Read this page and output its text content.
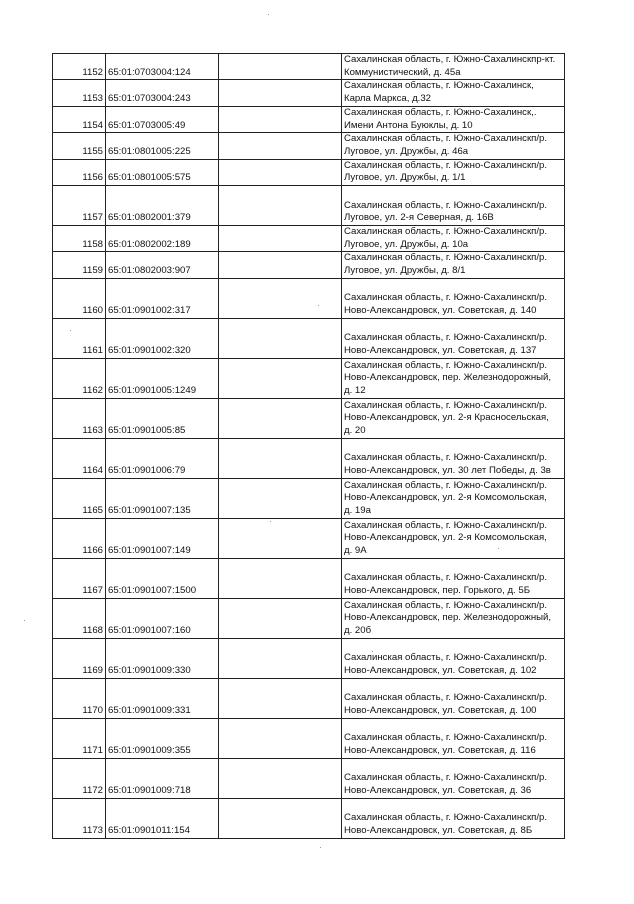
1152	65:01:0703004:124		Сахалинская область, г. Южно-Сахалинскпр-кт.
Коммунистический, д. 45а

1153	65:01:0703004:243		Сахалинская область, г. Южно-Сахалинск,
Карла Маркса, д.32

1154	65:01:0703005:49		Сахалинская область, г. Южно-Сахалинск,.
Имени Антона Буюклы, д. 10

1155	65:01:0801005:225		Сахалинская область, г. Южно-Сахалинскп/р.
Луговое, ул. Дружбы, д. 46а

1156	65:01:0801005:575		Сахалинская область, г. Южно-Сахалинскп/р.
Луговое, ул. Дружбы, д. 1/1

1157	65:01:0802001:379		Сахалинская область, г. Южно-Сахалинскп/р.
Луговое, ул. 2-я Северная, д. 16В

1158	65:01:0802002:189		Сахалинская область, г. Южно-Сахалинскп/р.
Луговое, ул. Дружбы, д. 10а

1159	65:01:0802003:907		Сахалинская область, г. Южно-Сахалинскп/р.
Луговое, ул. Дружбы, д. 8/1

1160	65:01:0901002:317		Сахалинская область, г. Южно-Сахалинскп/р.
Ново-Александровск, ул. Советская, д. 140

1161	65:01:0901002:320		Сахалинская область, г. Южно-Сахалинскп/р.
Ново-Александровск, ул. Советская, д. 137

1162	65:01:0901005:1249		Сахалинская область, г. Южно-Сахалинскп/р.
Ново-Александровск, пер. Железнодорожный,
д. 12

1163	65:01:0901005:85		Сахалинская область, г. Южно-Сахалинскп/р.
Ново-Александровск, ул. 2-я Красносельская,
д. 20

1164	65:01:0901006:79		Сахалинская область, г. Южно-Сахалинскп/р.
Ново-Александровск, ул. 30 лет Победы, д. 3в

1165	65:01:0901007:135		Сахалинская область, г. Южно-Сахалинскп/р.
Ново-Александровск, ул. 2-я Комсомольская,
д. 19а

1166	65:01:0901007:149		Сахалинская область, г. Южно-Сахалинскп/р.
Ново-Александровск, ул. 2-я Комсомольская,
д. 9А

1167	65:01:0901007:1500		Сахалинская область, г. Южно-Сахалинскп/р.
Ново-Александровск, пер. Горького, д. 5Б

1168	65:01:0901007:160		Сахалинская область, г. Южно-Сахалинскп/р.
Ново-Александровск, пер. Железнодорожный,
д. 20б

1169	65:01:0901009:330		Сахалинская область, г. Южно-Сахалинскп/р.
Ново-Александровск, ул. Советская, д. 102

1170	65:01:0901009:331		Сахалинская область, г. Южно-Сахалинскп/р.
Ново-Александровск, ул. Советская, д. 100

1171	65:01:0901009:355		Сахалинская область, г. Южно-Сахалинскп/р.
Ново-Александровск, ул. Советская, д. 116

1172	65:01:0901009:718		Сахалинская область, г. Южно-Сахалинскп/р.
Ново-Александровск, ул. Советская, д. 36

1173	65:01:0901011:154		Сахалинская область, г. Южно-Сахалинскп/р.
Ново-Александровск, ул. Советская, д. 8Б
